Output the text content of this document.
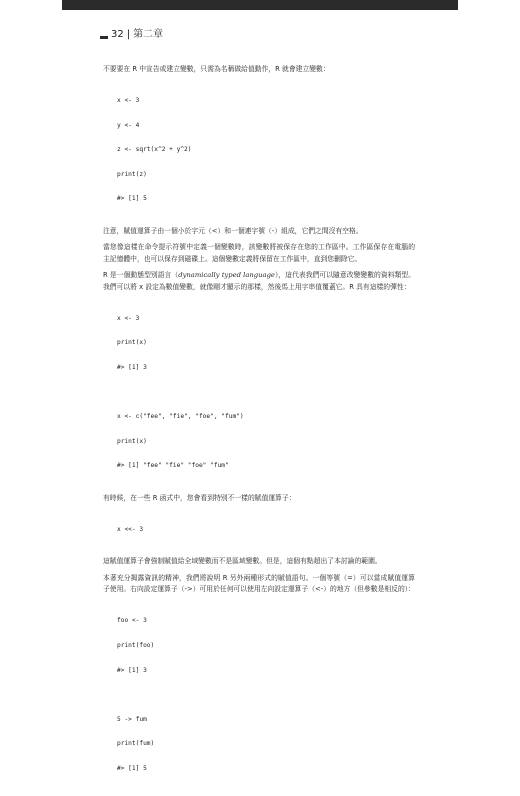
32 | 第二章

不要要在 R 中宣告或建立變數，只需為名稱做給值動作，R 就會建立變數：

x <- 3

y <- 4

z <- sqrt(x^2 + y^2)

print(z)

#> [1] 5

注意，賦值運算子由一個小於字元（<）和一個連字號（-）組成，它們之間沒有空格。

當您像這樣在命令提示符號中定義一個變數時，該變數將被保存在您的工作區中。工作區保存在電腦的主記憶體中，也可以保存到磁碟上。這個變數定義將保留在工作區中，直到您刪除它。

R 是一個動態型別語言（dynamically typed language），這代表我們可以隨意改變變數的資料類型。我們可以將 x 設定為數值變數，就像剛才顯示的那樣，然後馬上用字串值覆蓋它。R 具有這樣的彈性：

x <- 3

print(x)

#> [1] 3

x <- c("fee", "fie", "foe", "fum")

print(x)

#> [1] "fee" "fie" "foe" "fum"

有時候，在一些 R 函式中，您會看到特別不一樣的賦值運算子：

x <<- 3

這賦值運算子會強制賦值給全域變數而不是區域變數。但是，這個有點超出了本討論的範圍。

本著充分揭露資訊的精神，我們將說明 R 另外兩種形式的賦值語句。一個等號（=）可以當成賦值運算子使用。右向設定運算子（->）可用於任何可以使用左向設定運算子（<-）的地方（但參數是相反的）：

foo <- 3

print(foo)

#> [1] 3

5 -> fum

print(fum)

#> [1] 5
